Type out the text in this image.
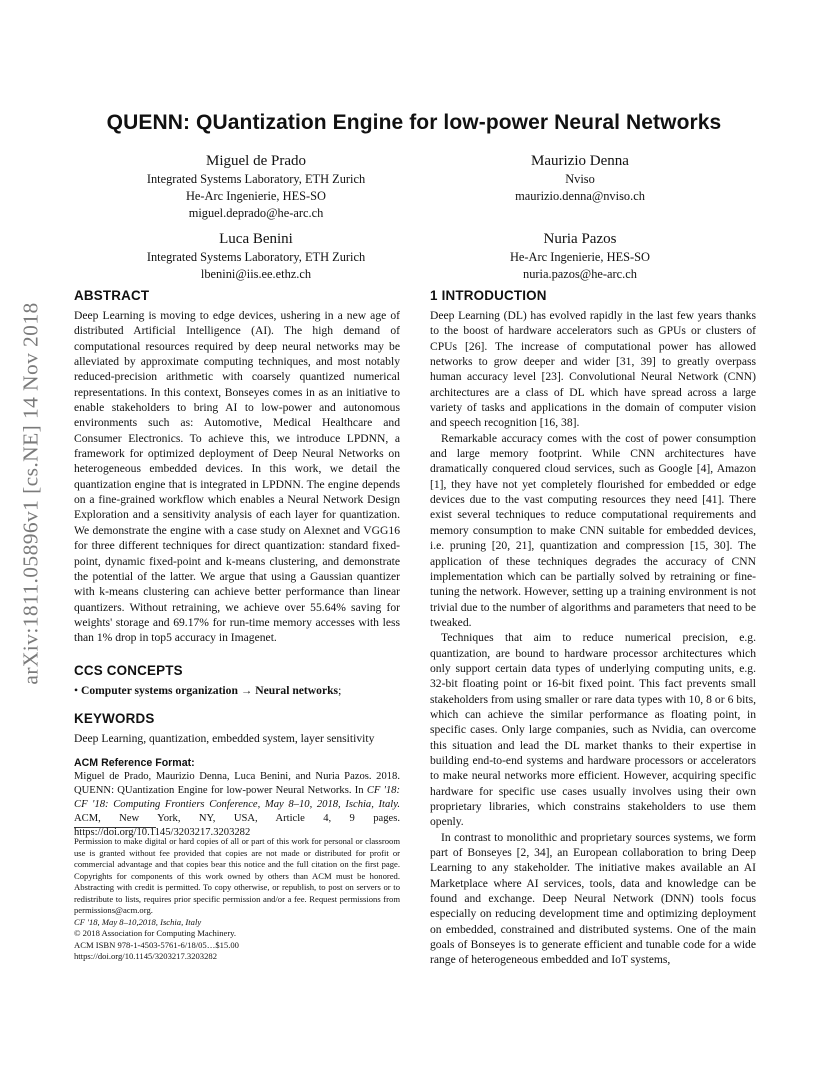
QUENN: QUantization Engine for low-power Neural Networks
Miguel de Prado
Integrated Systems Laboratory, ETH Zurich
He-Arc Ingenierie, HES-SO
miguel.deprado@he-arc.ch
Maurizio Denna
Nviso
maurizio.denna@nviso.ch
Luca Benini
Integrated Systems Laboratory, ETH Zurich
lbenini@iis.ee.ethz.ch
Nuria Pazos
He-Arc Ingenierie, HES-SO
nuria.pazos@he-arc.ch
arXiv:1811.05896v1 [cs.NE] 14 Nov 2018
ABSTRACT

Deep Learning is moving to edge devices, ushering in a new age of distributed Artificial Intelligence (AI). The high demand of computational resources required by deep neural networks may be alleviated by approximate computing techniques, and most notably reduced-precision arithmetic with coarsely quantized numerical representations. In this context, Bonseyes comes in as an initiative to enable stakeholders to bring AI to low-power and autonomous environments such as: Automotive, Medical Healthcare and Consumer Electronics. To achieve this, we introduce LPDNN, a framework for optimized deployment of Deep Neural Networks on heterogeneous embedded devices. In this work, we detail the quantization engine that is integrated in LPDNN. The engine depends on a fine-grained workflow which enables a Neural Network Design Exploration and a sensitivity analysis of each layer for quantization. We demonstrate the engine with a case study on Alexnet and VGG16 for three different techniques for direct quantization: standard fixed-point, dynamic fixed-point and k-means clustering, and demonstrate the potential of the latter. We argue that using a Gaussian quantizer with k-means clustering can achieve better performance than linear quantizers. Without retraining, we achieve over 55.64% saving for weights' storage and 69.17% for run-time memory accesses with less than 1% drop in top5 accuracy in Imagenet.

CCS CONCEPTS

• Computer systems organization → Neural networks;

KEYWORDS

Deep Learning, quantization, embedded system, layer sensitivity

ACM Reference Format:

Miguel de Prado, Maurizio Denna, Luca Benini, and Nuria Pazos. 2018. QUENN: QUantization Engine for low-power Neural Networks. In CF '18: CF '18: Computing Frontiers Conference, May 8–10, 2018, Ischia, Italy. ACM, New York, NY, USA, Article 4, 9 pages. https://doi.org/10.1145/3203217.3203282

Permission to make digital or hard copies of all or part of this work for personal or classroom use is granted without fee provided that copies are not made or distributed for profit or commercial advantage and that copies bear this notice and the full citation on the first page. Copyrights for components of this work owned by others than ACM must be honored. Abstracting with credit is permitted. To copy otherwise, or republish, to post on servers or to redistribute to lists, requires prior specific permission and/or a fee. Request permissions from permissions@acm.org.

CF '18, May 8–10,2018, Ischia, Italy

© 2018 Association for Computing Machinery.

ACM ISBN 978-1-4503-5761-6/18/05…$15.00

https://doi.org/10.1145/3203217.3203282

1 INTRODUCTION

Deep Learning (DL) has evolved rapidly in the last few years thanks to the boost of hardware accelerators such as GPUs or clusters of CPUs [26]. The increase of computational power has allowed networks to grow deeper and wider [31, 39] to greatly overpass human accuracy level [23]. Convolutional Neural Network (CNN) architectures are a class of DL which have spread across a large variety of tasks and applications in the domain of computer vision and speech recognition [16, 38].

Remarkable accuracy comes with the cost of power consumption and large memory footprint. While CNN architectures have dramatically conquered cloud services, such as Google [4], Amazon [1], they have not yet completely flourished for embedded or edge devices due to the vast computing resources they need [41]. There exist several techniques to reduce computational requirements and memory consumption to make CNN suitable for embedded devices, i.e. pruning [20, 21], quantization and compression [15, 30]. The application of these techniques degrades the accuracy of CNN implementation which can be partially solved by retraining or fine-tuning the network. However, setting up a training environment is not trivial due to the number of algorithms and parameters that need to be tweaked.

Techniques that aim to reduce numerical precision, e.g. quantization, are bound to hardware processor architectures which only support certain data types of underlying computing units, e.g. 32-bit floating point or 16-bit fixed point. This fact prevents small stakeholders from using smaller or rare data types with 10, 8 or 6 bits, which can achieve the similar performance as floating point, in specific cases. Only large companies, such as Nvidia, can overcome this situation and lead the DL market thanks to their expertise in building end-to-end systems and hardware processors or accelerators to make neural networks more efficient. However, acquiring specific hardware for specific use cases usually involves using their own proprietary libraries, which constrains stakeholders to use them openly.

In contrast to monolithic and proprietary sources systems, we form part of Bonseyes [2, 34], an European collaboration to bring Deep Learning to any stakeholder. The initiative makes available an AI Marketplace where AI services, tools, data and knowledge can be found and exchange. Deep Neural Network (DNN) tools focus especially on reducing development time and optimizing deployment on embedded, constrained and distributed systems. One of the main goals of Bonseyes is to generate efficient and tunable code for a wide range of heterogeneous embedded and IoT systems,
